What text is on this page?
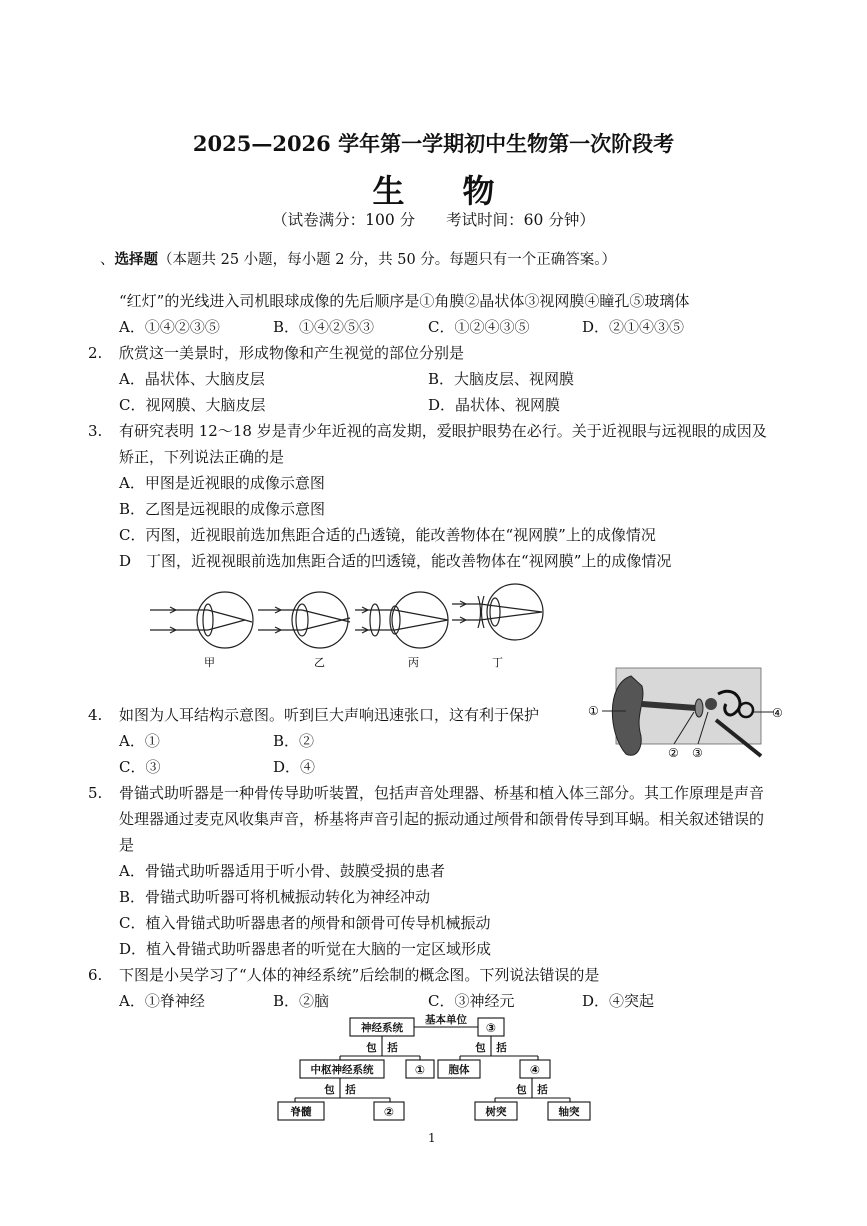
2025—2026 学年第一学期初中生物第一次阶段考
生物
（试卷满分：100 分　　考试时间：60 分钟）
、选择题（本题共 25 小题，每小题 2 分，共 50 分。每题只有一个正确答案。）
“红灯”的光线进入司机眼球成像的先后顺序是①角膜②晶状体③视网膜④瞳孔⑤玻璃体
A．①④②③⑤	B．①④②⑤③	C．①②④③⑤	D．②①④③⑤
2. 欣赏这一美景时，形成物像和产生视觉的部位分别是
A．晶状体、大脑皮层	B．大脑皮层、视网膜
C．视网膜、大脑皮层	D．晶状体、视网膜
3. 有研究表明 12～18 岁是青少年近视的高发期，爱眼护眼势在必行。关于近视眼与远视眼的成因及
矫正，下列说法正确的是
A．甲图是近视眼的成像示意图
B．乙图是远视眼的成像示意图
C．丙图，近视眼前选加焦距合适的凸透镜，能改善物体在“视网膜”上的成像情况
D　丁图，近视视眼前选加焦距合适的凹透镜，能改善物体在“视网膜”上的成像情况
甲	乙	丙	丁
4. 如图为人耳结构示意图。听到巨大声响迅速张口，这有利于保护
A．①	B．②
C．③	D．④
①
② ③
④
5. 骨锚式助听器是一种骨传导助听装置，包括声音处理器、桥基和植入体三部分。其工作原理是声音
处理器通过麦克风收集声音，桥基将声音引起的振动通过颅骨和颌骨传导到耳蜗。相关叙述错误的
是
A．骨锚式助听器适用于听小骨、鼓膜受损的患者
B．骨锚式助听器可将机械振动转化为神经冲动
C．植入骨锚式助听器患者的颅骨和颌骨可传导机械振动
D．植入骨锚式助听器患者的听觉在大脑的一定区域形成
6. 下图是小吴学习了“人体的神经系统”后绘制的概念图。下列说法错误的是
A．①脊神经	B．②脑	C．③神经元	D．④突起
神经系统
基本单位
③
包　括	包　括
中枢神经系统	① 胞体	④
包　括	包　括
脊髓	②	树突	轴突
1
